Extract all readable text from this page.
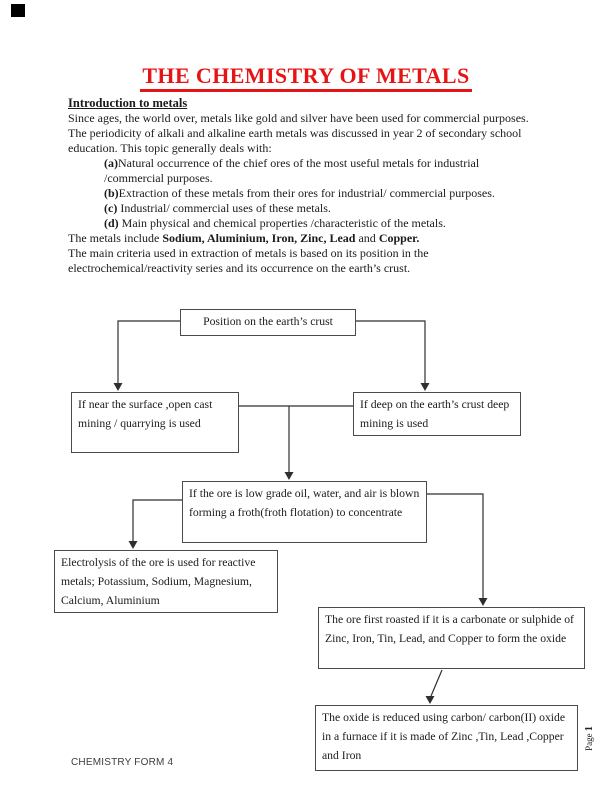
THE CHEMISTRY OF METALS
Introduction to metals
Since ages, the world over, metals like gold and silver have been used for commercial purposes.
The periodicity of alkali and alkaline earth metals was discussed in year 2 of secondary school education. This topic generally deals with:
(a)Natural occurrence of the chief ores of the most useful metals for industrial
/commercial purposes.
(b)Extraction of these metals from their ores for industrial/ commercial purposes.
(c) Industrial/ commercial uses of these metals.
(d) Main physical and chemical properties /characteristic of the metals.
The metals include Sodium, Aluminium, Iron, Zinc, Lead and Copper.
The main criteria used in extraction of metals is based on its position in the electrochemical/reactivity series and its occurrence on the earth’s crust.
Position on the earth’s crust
If near the surface ,open cast mining / quarrying is used
If deep on the earth’s crust deep mining is used
If the ore is low grade oil, water, and air is blown forming a froth(froth flotation) to concentrate
Electrolysis of the ore is used for reactive metals; Potassium, Sodium, Magnesium, Calcium, Aluminium
The ore first roasted if it is a carbonate or sulphide of Zinc, Iron, Tin, Lead, and Copper to form the oxide
The oxide is reduced using carbon/ carbon(II) oxide in a furnace if it is made of Zinc ,Tin, Lead ,Copper and Iron
Page 1
CHEMISTRY FORM 4
